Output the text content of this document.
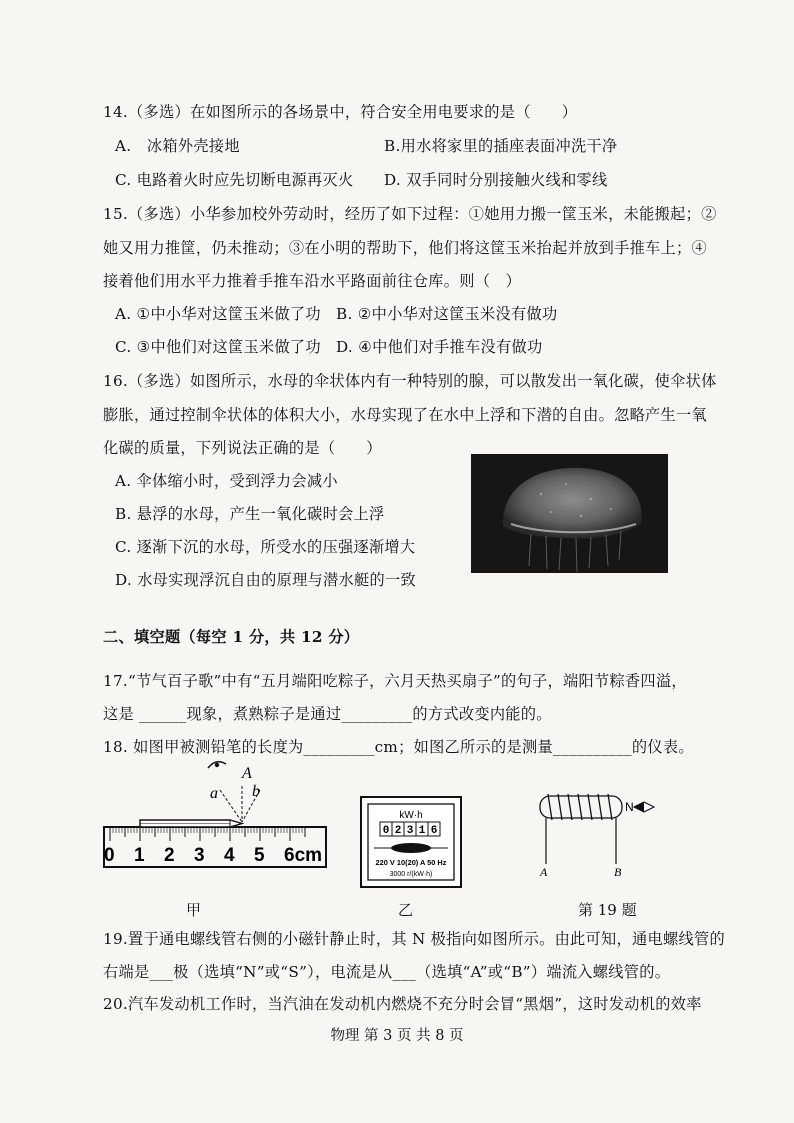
14.（多选）在如图所示的各场景中，符合安全用电要求的是（　　）
A.　冰箱外壳接地	B.用水将家里的插座表面冲洗干净
C. 电路着火时应先切断电源再灭火 D. 双手同时分别接触火线和零线
15.（多选）小华参加校外劳动时，经历了如下过程：①她用力搬一筐玉米，未能搬起；②
她又用力推筐，仍未推动；③在小明的帮助下，他们将这筐玉米抬起并放到手推车上；④
接着他们用水平力推着手推车沿水平路面前往仓库。则（　）
A. ①中小华对这筐玉米做了功 B. ②中小华对这筐玉米没有做功
C. ③中他们对这筐玉米做了功 D. ④中他们对手推车没有做功
16.（多选）如图所示，水母的伞状体内有一种特别的腺，可以散发出一氧化碳，使伞状体
膨胀，通过控制伞状体的体积大小，水母实现了在水中上浮和下潜的自由。忽略产生一氧
化碳的质量，下列说法正确的是（　　）
A. 伞体缩小时，受到浮力会减小
B. 悬浮的水母，产生一氧化碳时会上浮
C. 逐渐下沉的水母，所受水的压强逐渐增大
D. 水母实现浮沉自由的原理与潜水艇的一致
二、填空题（每空 1 分，共 12 分）
17.“节气百子歌”中有“五月端阳吃粽子，六月天热买扇子”的句子，端阳节粽香四溢，
这是 ______现象，煮熟粽子是通过_________的方式改变内能的。
18. 如图甲被测铅笔的长度为_________cm；如图乙所示的是测量__________的仪表。
a
A
b
0 1 2 3 4 5 6cm
kW·h
0 2 3 1 6
220 V 10(20) A 50 Hz
3000 r/(kW·h)	A	B
N
甲	乙	第 19 题
19.置于通电螺线管右侧的小磁针静止时，其 N 极指向如图所示。由此可知，通电螺线管的
右端是___极（选填“N”或“S”），电流是从___（选填“A”或“B”）端流入螺线管的。
20.汽车发动机工作时，当汽油在发动机内燃烧不充分时会冒“黑烟”，这时发动机的效率
物理 第 3 页 共 8 页
